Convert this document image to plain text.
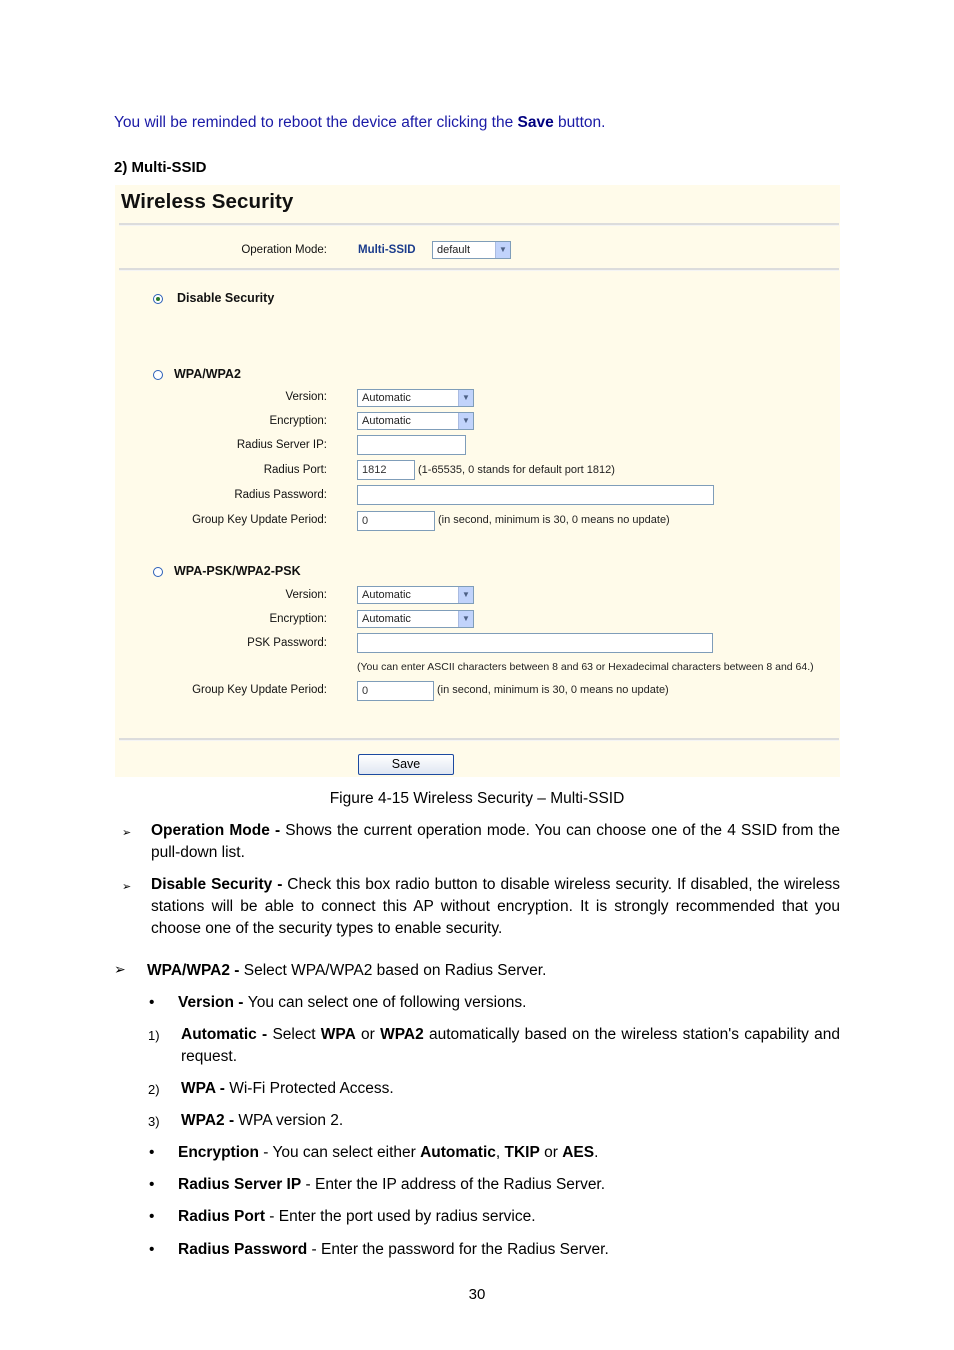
You will be reminded to reboot the device after clicking the Save button.
2) Multi-SSID
Wireless Security
Operation Mode:	Multi-SSID	default	▼
Disable Security
WPA/WPA2
Version:	Automatic	▼
Encryption:	Automatic	▼
Radius Server IP:
Radius Port:	1812	(1-65535, 0 stands for default port 1812)
Radius Password:
Group Key Update Period:	0	(in second, minimum is 30, 0 means no update)
WPA-PSK/WPA2-PSK
Version:	Automatic	▼
Encryption:	Automatic	▼
PSK Password:
(You can enter ASCII characters between 8 and 63 or Hexadecimal characters between 8 and 64.)
Group Key Update Period:	0	(in second, minimum is 30, 0 means no update)
Save
Figure 4-15 Wireless Security – Multi-SSID
➢ Operation Mode - Shows the current operation mode. You can choose one of the 4 SSID from the pull-down list.
➢ Disable Security - Check this box radio button to disable wireless security. If disabled, the wireless stations will be able to connect this AP without encryption. It is strongly recommended that you choose one of the security types to enable security.
➢ WPA/WPA2 - Select WPA/WPA2 based on Radius Server.
• Version - You can select one of following versions.
1) Automatic - Select WPA or WPA2 automatically based on the wireless station's capability and request.
2) WPA - Wi-Fi Protected Access.
3) WPA2 - WPA version 2.
• Encryption - You can select either Automatic, TKIP or AES.
• Radius Server IP - Enter the IP address of the Radius Server.
• Radius Port - Enter the port used by radius service.
• Radius Password - Enter the password for the Radius Server.
30
